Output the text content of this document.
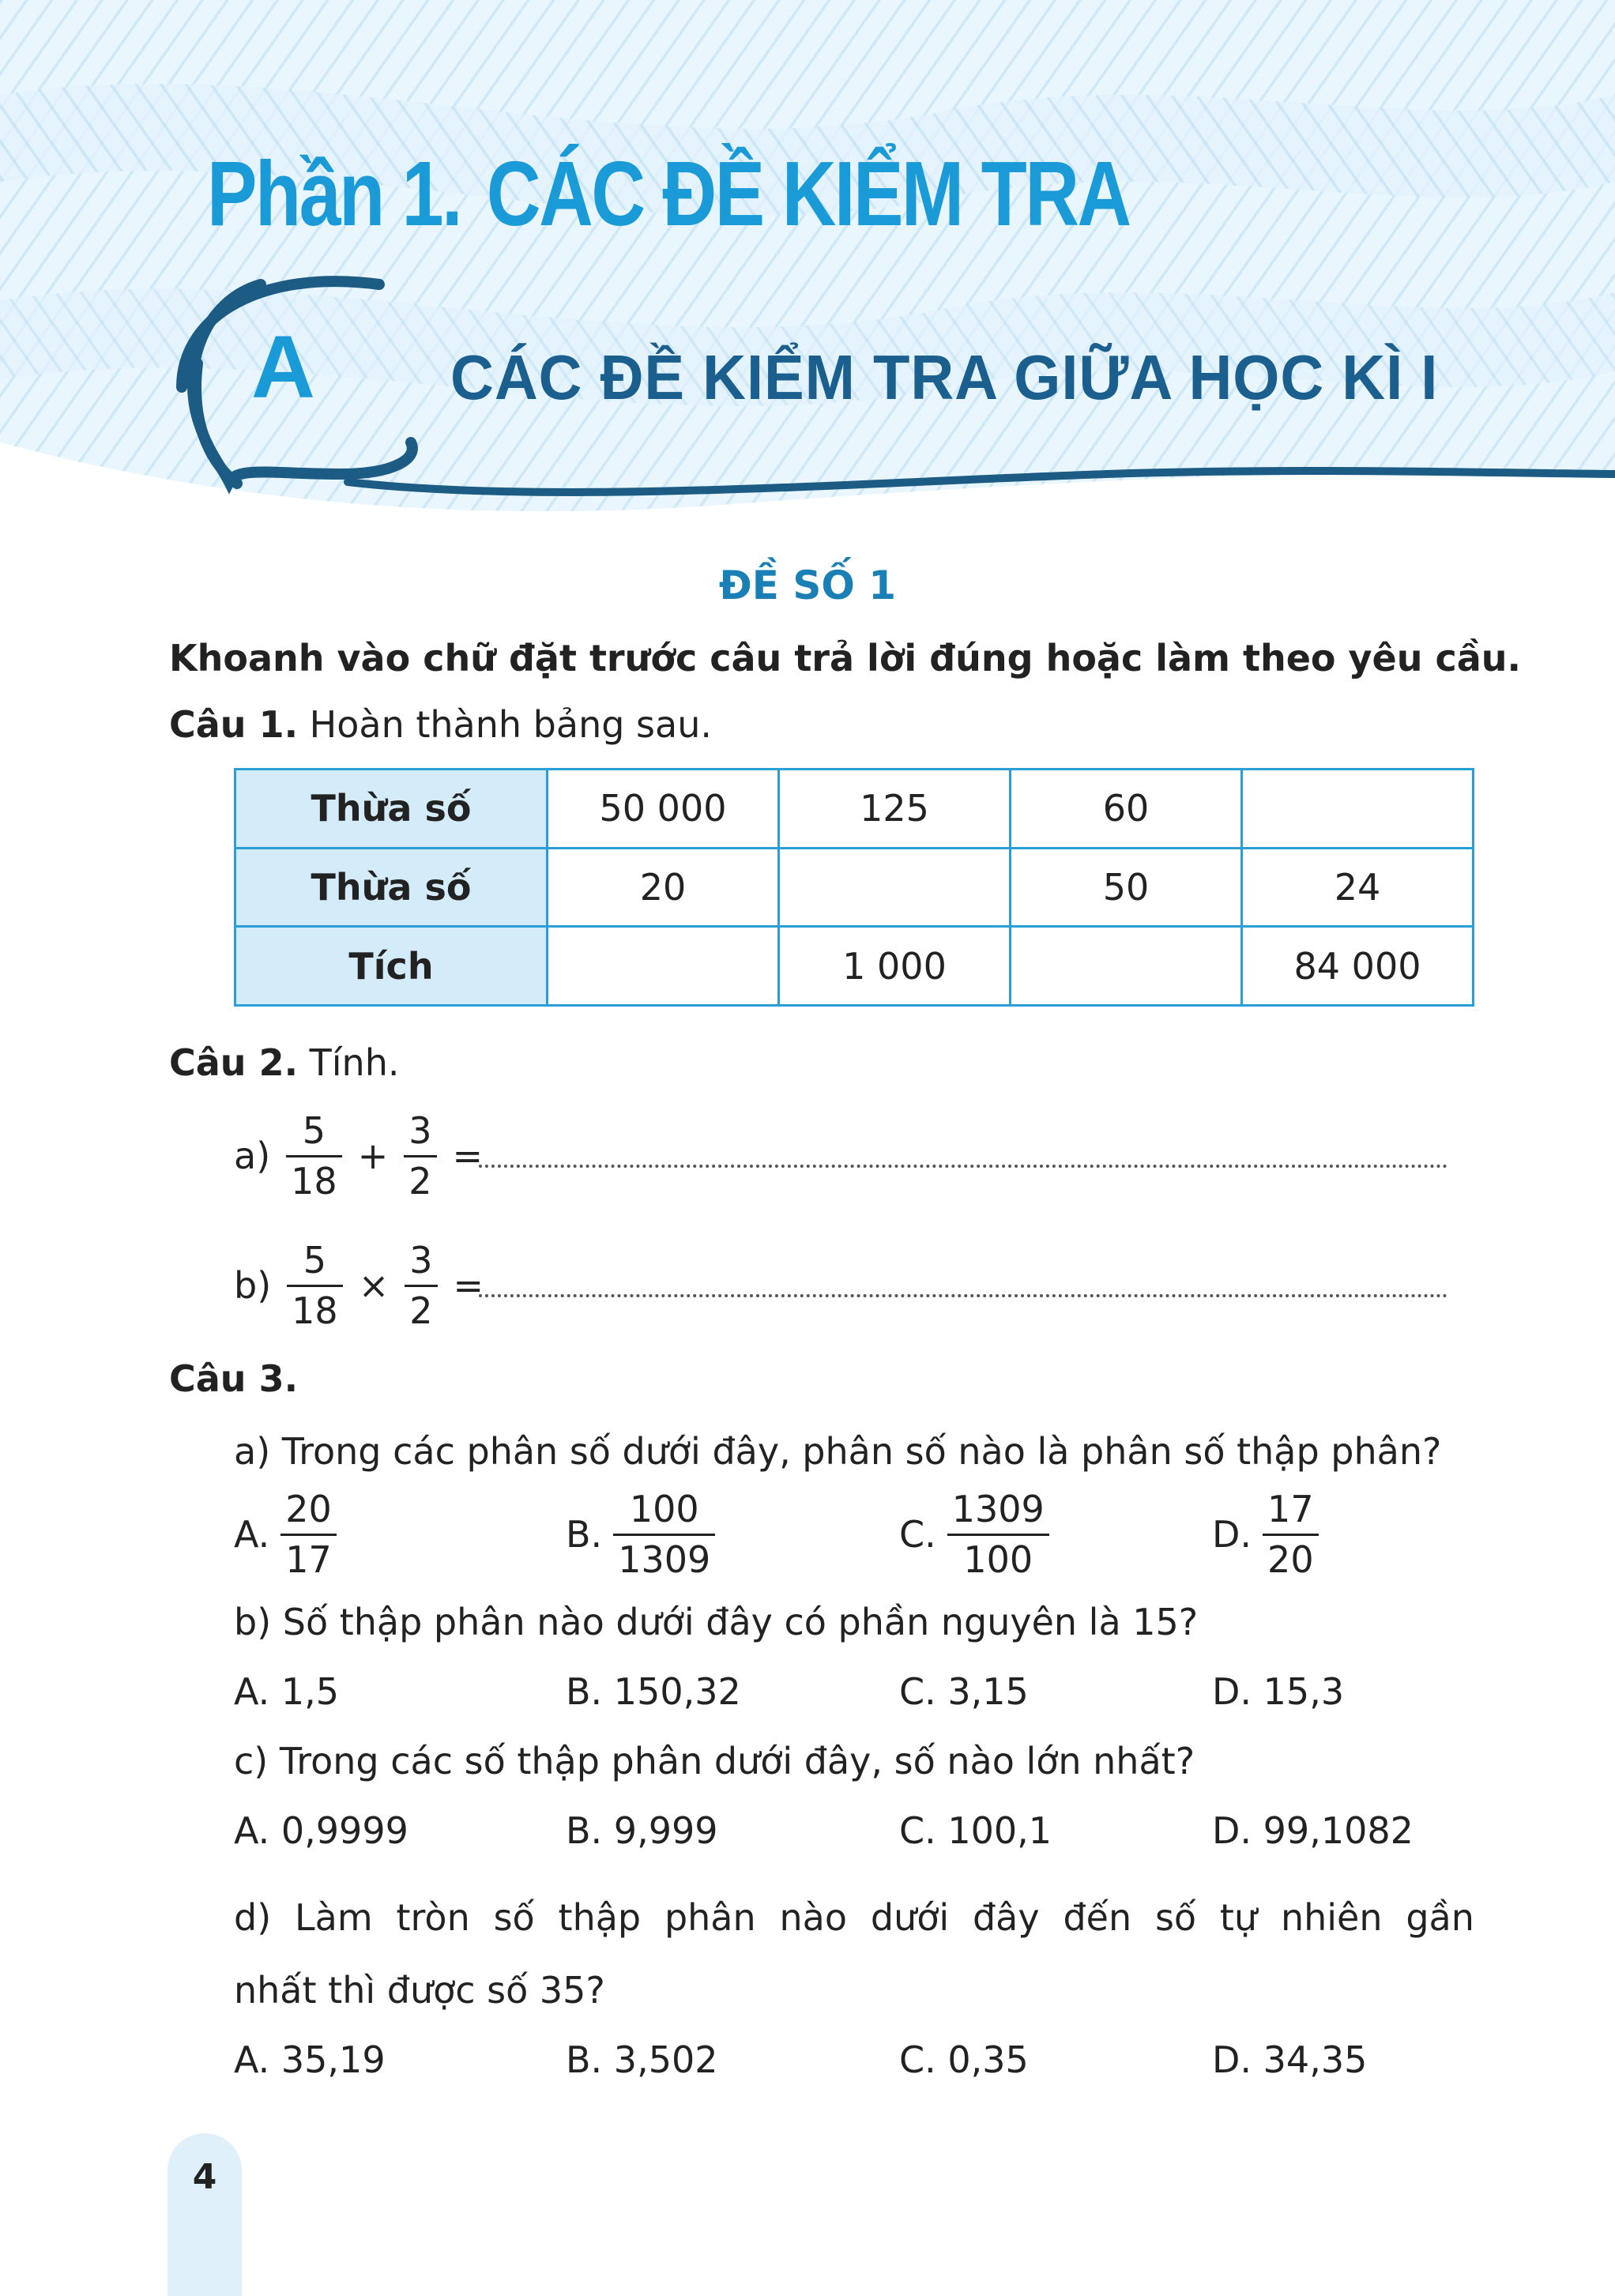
Phần 1. CÁC ĐỀ KIỂM TRA
A CÁC ĐỀ KIỂM TRA GIỮA HỌC KÌ I
ĐỀ SỐ 1
Khoanh vào chữ đặt trước câu trả lời đúng hoặc làm theo yêu cầu.
Câu 1. Hoàn thành bảng sau.
Thừa số	50 000	125	60	
Thừa số	20		50	24
Tích		1 000		84 000
Câu 2. Tính.
$a) \frac{5}{18} + \frac{3}{2}$ =
$b) \frac{5}{18} \times \frac{3}{2}$ =
Câu 3.
a) Trong các phân số dưới đây, phân số nào là phân số thập phân?
A. $\frac{20}{17}$	B. $\frac{100}{1309}$	C. $\frac{1309}{100}$	D. $\frac{17}{20}$
b) Số thập phân nào dưới đây có phần nguyên là 15?
A. 1,5	B. 150,32	C. 3,15	D. 15,3
c) Trong các số thập phân dưới đây, số nào lớn nhất?
A. 0,9999	B. 9,999	C. 100,1	D. 99,1082
d) Làm tròn số thập phân nào dưới đây đến số tự nhiên gần
nhất thì được số 35?
A. 35,19	B. 3,502	C. 0,35	D. 34,35
4
